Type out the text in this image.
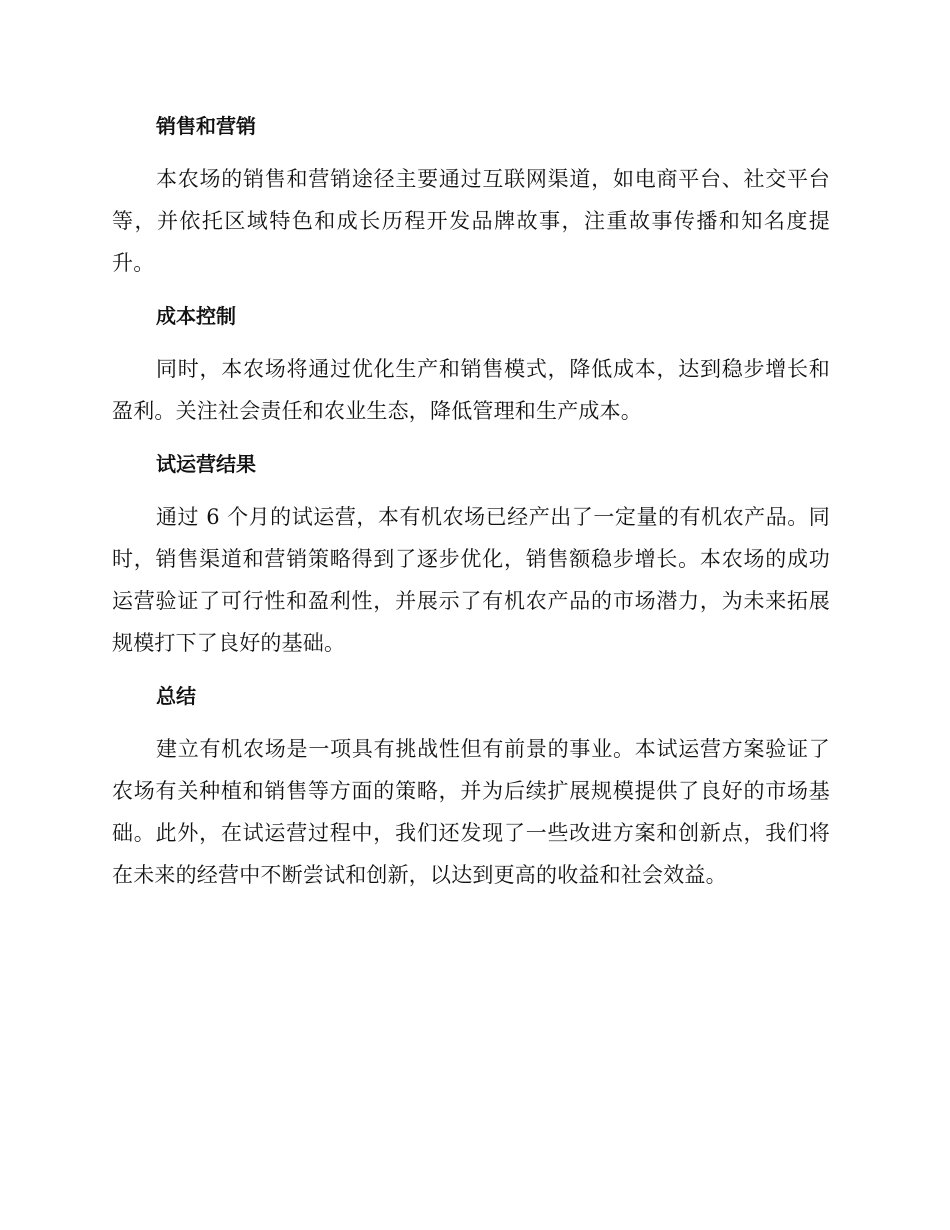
销售和营销

本农场的销售和营销途径主要通过互联网渠道，如电商平台、社交平台等，并依托区域特色和成长历程开发品牌故事，注重故事传播和知名度提升。

成本控制

同时，本农场将通过优化生产和销售模式，降低成本，达到稳步增长和盈利。关注社会责任和农业生态，降低管理和生产成本。

试运营结果

通过 6 个月的试运营，本有机农场已经产出了一定量的有机农产品。同时，销售渠道和营销策略得到了逐步优化，销售额稳步增长。本农场的成功运营验证了可行性和盈利性，并展示了有机农产品的市场潜力，为未来拓展规模打下了良好的基础。

总结

建立有机农场是一项具有挑战性但有前景的事业。本试运营方案验证了农场有关种植和销售等方面的策略，并为后续扩展规模提供了良好的市场基础。此外，在试运营过程中，我们还发现了一些改进方案和创新点，我们将在未来的经营中不断尝试和创新，以达到更高的收益和社会效益。
